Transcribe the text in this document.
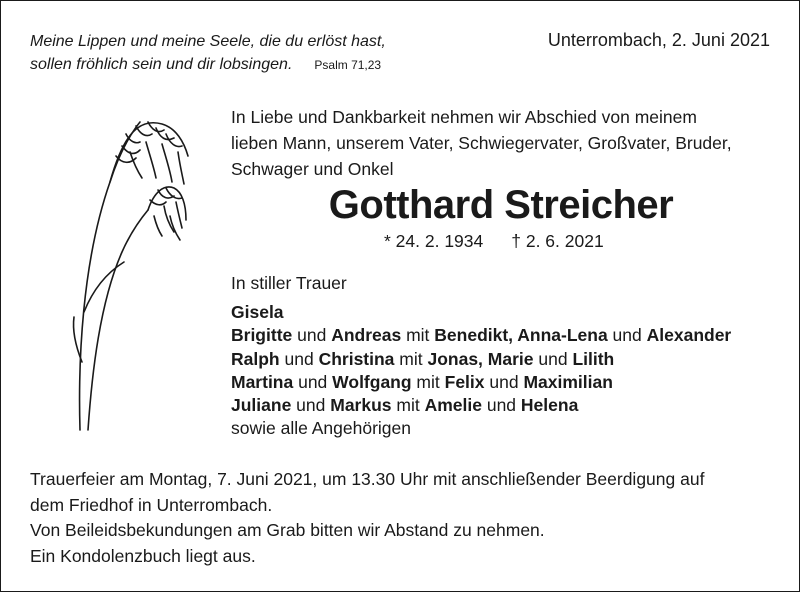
Meine Lippen und meine Seele, die du erlöst hast,
sollen fröhlich sein und dir lobsingen. Psalm 71,23
Unterrombach, 2. Juni 2021
In Liebe und Dankbarkeit nehmen wir Abschied von meinem
lieben Mann, unserem Vater, Schwiegervater, Großvater, Bruder,
Schwager und Onkel
Gotthard Streicher
* 24. 2. 1934 † 2. 6. 2021
In stiller Trauer
Gisela
Brigitte und Andreas mit Benedikt, Anna-Lena und Alexander
Ralph und Christina mit Jonas, Marie und Lilith
Martina und Wolfgang mit Felix und Maximilian
Juliane und Markus mit Amelie und Helena
sowie alle Angehörigen
Trauerfeier am Montag, 7. Juni 2021, um 13.30 Uhr mit anschließender Beerdigung auf
dem Friedhof in Unterrombach.
Von Beileidsbekundungen am Grab bitten wir Abstand zu nehmen.
Ein Kondolenzbuch liegt aus.
